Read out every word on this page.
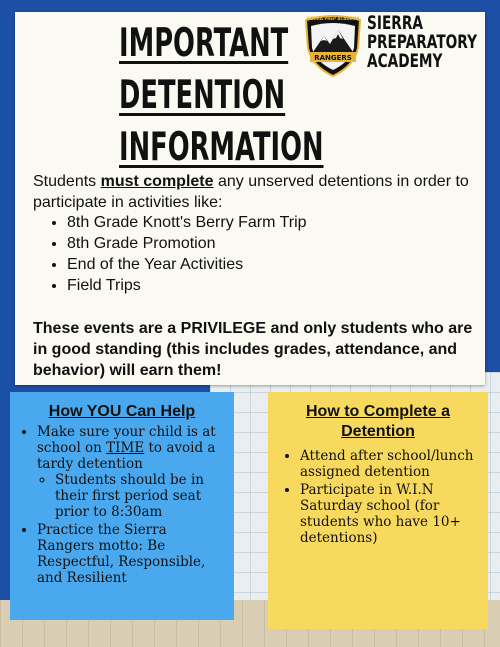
IMPORTANT
DETENTION
INFORMATION
RANGERS
SIERRA PREP ACADEMY SIERRA
PREPARATORY
ACADEMY
Students must complete any unserved detentions in order to participate in activities like:
• 8th Grade Knott's Berry Farm Trip
• 8th Grade Promotion
• End of the Year Activities
• Field Trips
These events are a PRIVILEGE and only students who are in good standing (this includes grades, attendance, and behavior) will earn them!
How YOU Can Help
• Make sure your child is at school on TIME to avoid a tardy detention
◦ Students should be in their first period seat prior to 8:30am
• Practice the Sierra Rangers motto: Be Respectful, Responsible, and Resilient
How to Complete a Detention
• Attend after school/lunch assigned detention
• Participate in W.I.N Saturday school (for students who have 10+ detentions)
